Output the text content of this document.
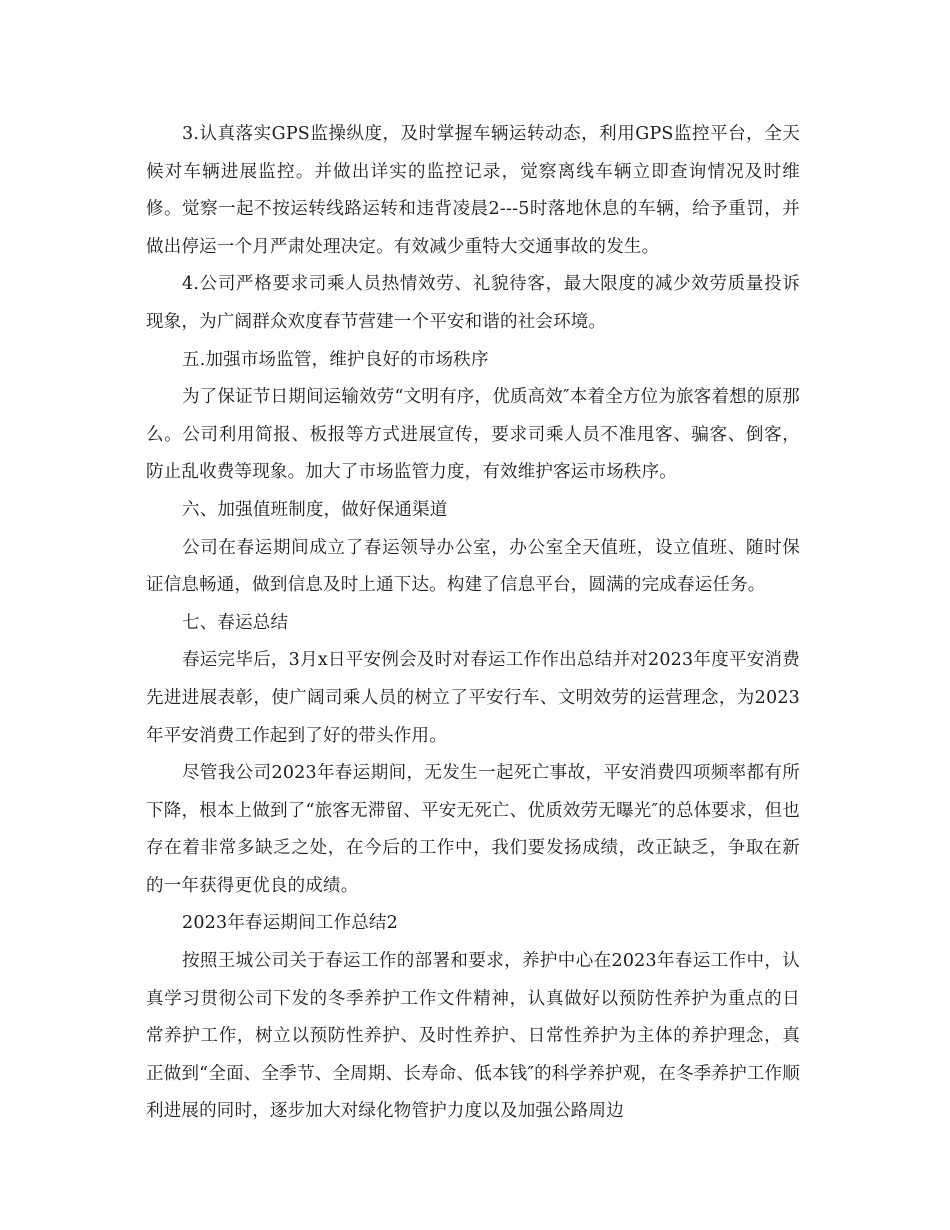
3.认真落实GPS监操纵度，及时掌握车辆运转动态，利用GPS监控平台，全天候对车辆进展监控。并做出详实的监控记录，觉察离线车辆立即查询情况及时维修。觉察一起不按运转线路运转和违背凌晨2---5时落地休息的车辆，给予重罚，并做出停运一个月严肃处理决定。有效减少重特大交通事故的发生。

4.公司严格要求司乘人员热情效劳、礼貌待客，最大限度的减少效劳质量投诉现象，为广阔群众欢度春节营建一个平安和谐的社会环境。

五.加强市场监管，维护良好的市场秩序

为了保证节日期间运输效劳“文明有序，优质高效″本着全方位为旅客着想的原那么。公司利用简报、板报等方式进展宣传，要求司乘人员不准甩客、骗客、倒客，防止乱收费等现象。加大了市场监管力度，有效维护客运市场秩序。

六、加强值班制度，做好保通渠道

公司在春运期间成立了春运领导办公室，办公室全天值班，设立值班、随时保证信息畅通，做到信息及时上通下达。构建了信息平台，圆满的完成春运任务。

七、春运总结

春运完毕后，3月x日平安例会及时对春运工作作出总结并对2023年度平安消费先进进展表彰，使广阔司乘人员的树立了平安行车、文明效劳的运营理念，为2023年平安消费工作起到了好的带头作用。

尽管我公司2023年春运期间，无发生一起死亡事故，平安消费四项频率都有所下降，根本上做到了“旅客无滞留、平安无死亡、优质效劳无曝光″的总体要求，但也存在着非常多缺乏之处，在今后的工作中，我们要发扬成绩，改正缺乏，争取在新的一年获得更优良的成绩。

2023年春运期间工作总结2

按照王城公司关于春运工作的部署和要求，养护中心在2023年春运工作中，认真学习贯彻公司下发的冬季养护工作文件精神，认真做好以预防性养护为重点的日常养护工作，树立以预防性养护、及时性养护、日常性养护为主体的养护理念，真正做到“全面、全季节、全周期、长寿命、低本钱″的科学养护观，在冬季养护工作顺利进展的同时，逐步加大对绿化物管护力度以及加强公路周边
